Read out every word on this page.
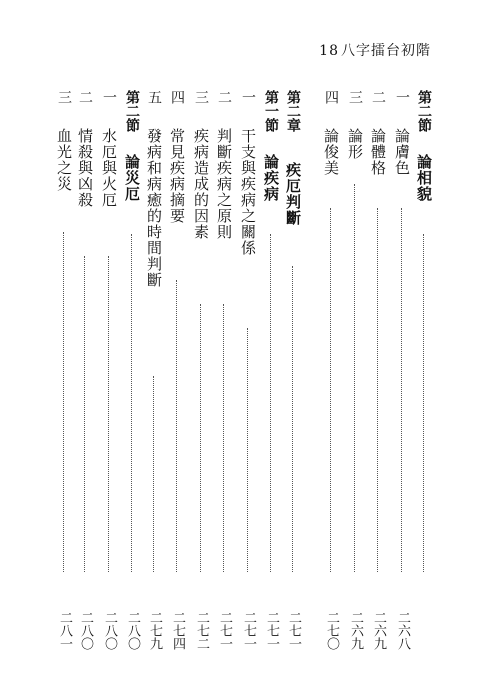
18 八字擂台初階
第二節
論相貌
一
論膚色
二六八
二
論體格
二六九
三
論形
二六九
四
論俊美
二七〇
第二章
疾厄判斷
二七一
第一節
論疾病
二七一
一
干支與疾病之關係
二七一
二
判斷疾病之原則
二七一
三
疾病造成的因素
二七二
四
常見疾病摘要
二七四
五
發病和病癒的時間判斷
二七九
第二節
論災厄
二八〇
一
水厄與火厄
二八〇
二
情殺與凶殺
二八〇
三
血光之災
二八一
